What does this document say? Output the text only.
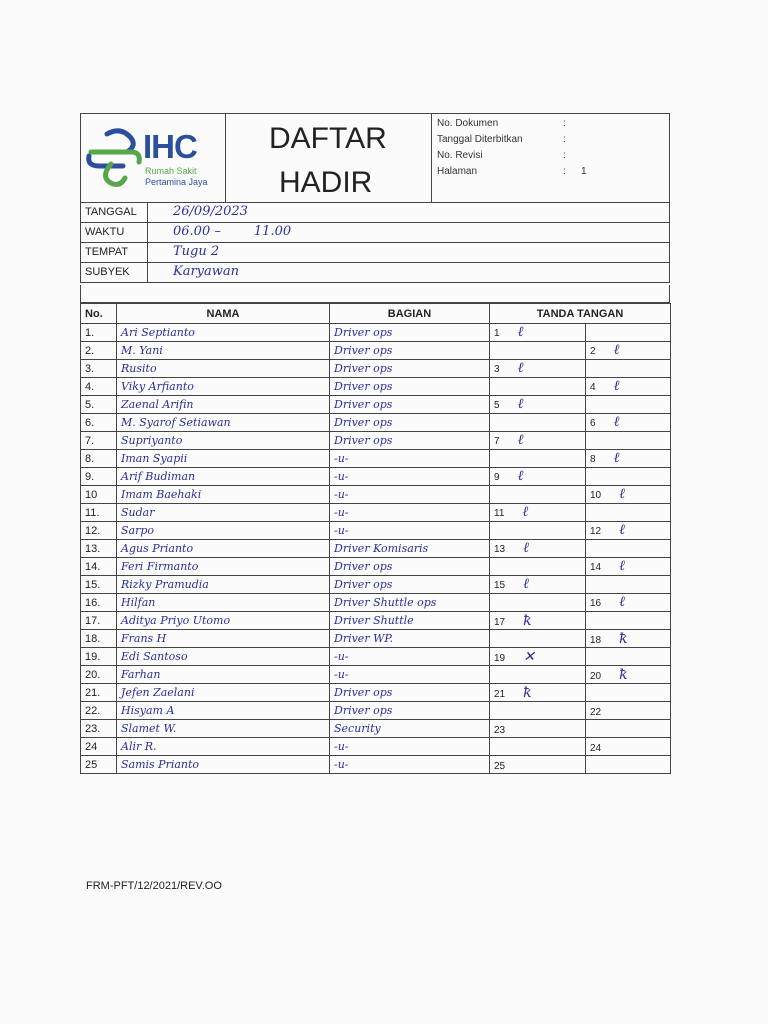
IHC
Rumah Sakit
Pertamina Jaya
DAFTAR
HADIR
No. Dokumen	:
Tanggal Diterbitkan	:
No. Revisi	:
Halaman	: 1
TANGGAL	26/09/2023
WAKTU	06.00 –        11.00
TEMPAT	Tugu 2
SUBYEK	Karyawan
No.	NAMA	BAGIAN	TANDA TANGAN	
1.	Ari Septianto	Driver ops	1 ℓ	
2.	M. Yani	Driver ops		2 ℓ
3.	Rusito	Driver ops	3 ℓ	
4.	Viky Arfianto	Driver ops		4 ℓ
5.	Zaenal Arifin	Driver ops	5 ℓ	
6.	M. Syarof Setiawan	Driver ops		6 ℓ
7.	Supriyanto	Driver ops	7 ℓ	
8.	Iman Syapii	-u-		8 ℓ
9.	Arif Budiman	-u-	9 ℓ	
10	Imam Baehaki	-u-		10 ℓ
11.	Sudar	-u-	11 ℓ	
12.	Sarpo	-u-		12 ℓ
13.	Agus Prianto	Driver Komisaris	13 ℓ	
14.	Feri Firmanto	Driver ops		14 ℓ
15.	Rizky Pramudia	Driver ops	15 ℓ	
16.	Hilfan	Driver Shuttle ops		16 ℓ
17.	Aditya Priyo Utomo	Driver Shuttle	17 ꝁ	
18.	Frans H	Driver WP.		18 ꝁ
19.	Edi Santoso	-u-	19 ✕	
20.	Farhan	-u-		20 ꝁ
21.	Jefen Zaelani	Driver ops	21 ꝁ	
22.	Hisyam A	Driver ops		22
23.	Slamet W.	Security	23	
24	Alir R.	-u-		24
25	Samis Prianto	-u-	25	
FRM-PFT/12/2021/REV.OO
